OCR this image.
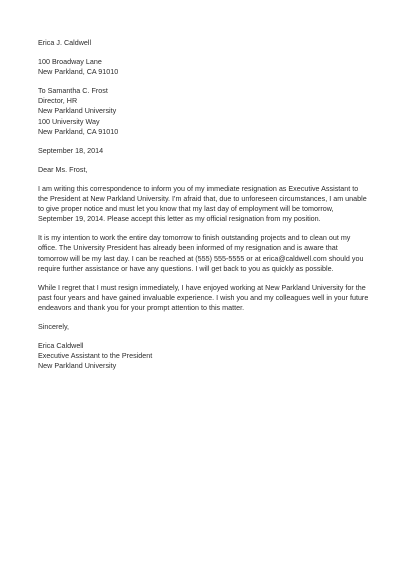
Erica J. Caldwell
100 Broadway Lane
New Parkland, CA 91010
To Samantha C. Frost
Director, HR
New Parkland University
100 University Way
New Parkland, CA 91010
September 18, 2014
Dear Ms. Frost,
I am writing this correspondence to inform you of my immediate resignation as Executive Assistant to
the President at New Parkland University. I'm afraid that, due to unforeseen circumstances, I am unable
to give proper notice and must let you know that my last day of employment will be tomorrow,
September 19, 2014. Please accept this letter as my official resignation from my position.
It is my intention to work the entire day tomorrow to finish outstanding projects and to clean out my
office. The University President has already been informed of my resignation and is aware that
tomorrow will be my last day. I can be reached at (555) 555-5555 or at erica@caldwell.com should you
require further assistance or have any questions. I will get back to you as quickly as possible.
While I regret that I must resign immediately, I have enjoyed working at New Parkland University for the
past four years and have gained invaluable experience. I wish you and my colleagues well in your future
endeavors and thank you for your prompt attention to this matter.
Sincerely,
Erica Caldwell
Executive Assistant to the President
New Parkland University
